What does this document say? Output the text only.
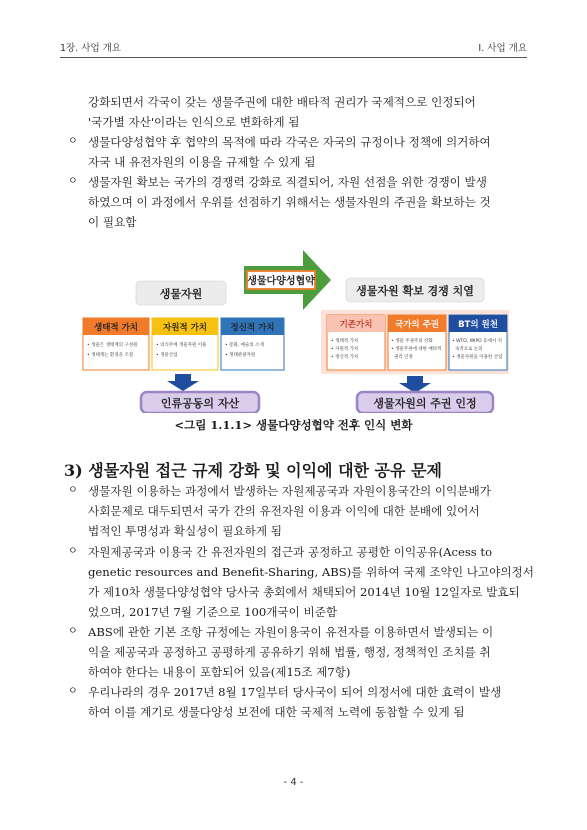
1장. 사업 개요	Ⅰ. 사업 개요
강화되면서 각국이 갖는 생물주권에 대한 배타적 권리가 국제적으로 인정되어
'국가별 자산'이라는 인식으로 변화하게 됨
ㅇ 생물다양성협약 후 협약의 목적에 따라 각국은 자국의 규정이나 정책에 의거하여
자국 내 유전자원의 이용을 규제할 수 있게 됨
ㅇ 생물자원 확보는 국가의 경쟁력 강화로 직결되어, 자원 선점을 위한 경쟁이 발생
하였으며 이 과정에서 우위를 선점하기 위해서는 생물자원의 주권을 확보하는 것
이 필요함
생물자원
생물다양성협약
생물자원 확보 경쟁 치열
생태적 가치
• 생물은 생태계의 구성원
• 생태계는 환경을 조절
자원적 가치
• 의식주에 생물자원 이용
• 생물산업
정신적 가치
• 문화, 예술의 소재
• 생태관광자원
기존가치
• 생태적 가치
• 자원적 가치
• 정신적 가치
국가의 주권
• 생물 주권주의 강화
• 생물주권에 대한 배타적
권리 인정
BT의 원천
• WTO, WIPO 등에서 지
속적으로 논의
• 생물자원을 이용한 산업
인류공동의 자산	생물자원의 주권 인정
<그림 1.1.1> 생물다양성협약 전후 인식 변화
3) 생물자원 접근 규제 강화 및 이익에 대한 공유 문제
ㅇ 생물자원 이용하는 과정에서 발생하는 자원제공국과 자원이용국간의 이익분배가
사회문제로 대두되면서 국가 간의 유전자원 이용과 이익에 대한 분배에 있어서
법적인 투명성과 확실성이 필요하게 됨
ㅇ 자원제공국과 이용국 간 유전자원의 접근과 공정하고 공평한 이익공유(Acess to
genetic resources and Benefit-Sharing, ABS)를 위하여 국제 조약인 나고야의정서
가 제10차 생물다양성협약 당사국 총회에서 채택되어 2014년 10월 12일자로 발효되
었으며, 2017년 7월 기준으로 100개국이 비준함
ㅇ ABS에 관한 기본 조항 규정에는 자원이용국이 유전자를 이용하면서 발생되는 이
익을 제공국과 공정하고 공평하게 공유하기 위해 법률, 행정, 정책적인 조치를 취
하여야 한다는 내용이 포함되어 있음(제15조 제7항)
ㅇ 우리나라의 경우 2017년 8월 17일부터 당사국이 되어 의정서에 대한 효력이 발생
하여 이를 계기로 생물다양성 보전에 대한 국제적 노력에 동참할 수 있게 됨
- 4 -
